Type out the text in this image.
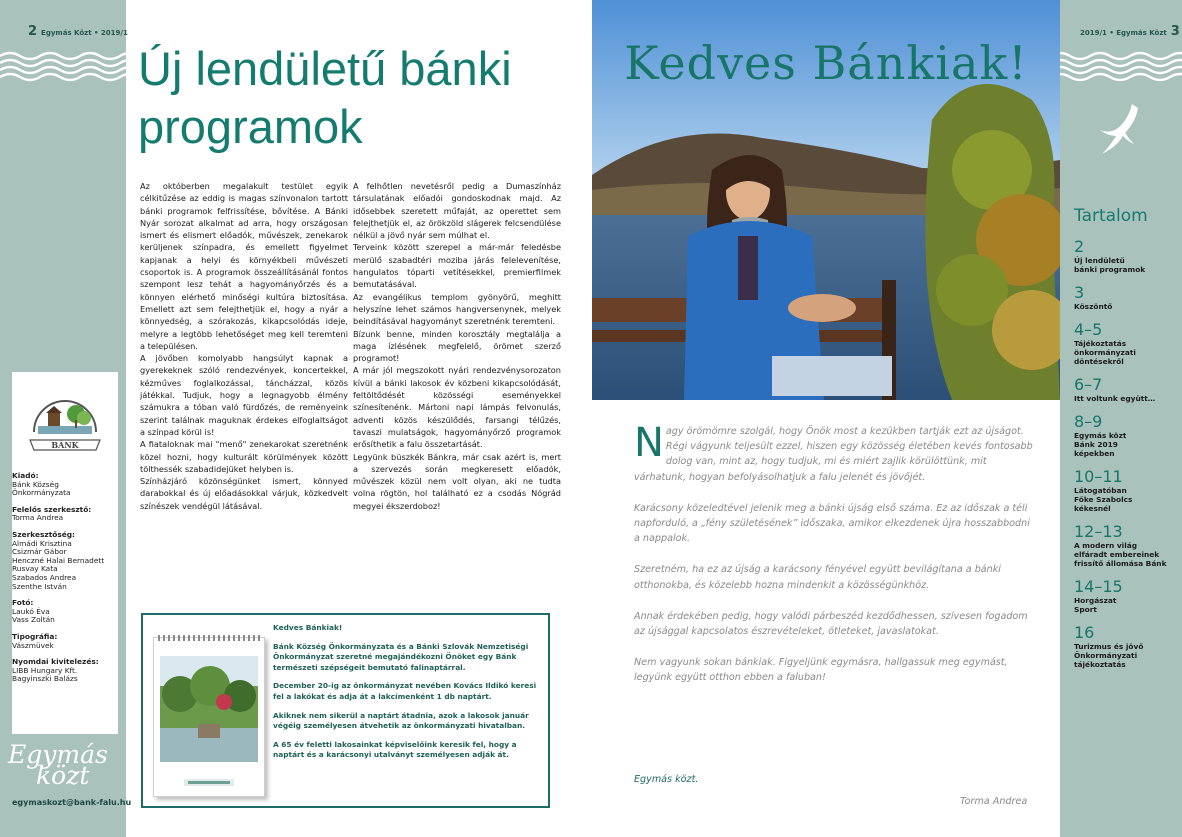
2 Egymás Közt • 2019/1
BÁNK
Kiadó:
Bánk Község
Önkormányzata
Felelős szerkesztő:
Torma Andrea
Szerkesztőség:
Almádi Krisztina
Csizmár Gábor
Henczné Halai Bernadett
Rusvay Kata
Szabados Andrea
Szenthe István
Fotó:
Laukó Éva
Vass Zoltán
Tipográfia:
Vászmüvek
Nyomdai kivitelezés:
LIBB Hungary Kft.
Bagyinszki Balázs
Egymás
közt
egymaskozt@bank-falu.hu
Új lendületű bánki
programok

Az októberben megalakult testület egyik célkitűzése az eddig is magas színvonalon tartott bánki programok felfrissítése, bővítése. A Bánki Nyár sorozat alkalmat ad arra, hogy országosan ismert és elismert előadók, művészek, zenekarok kerüljenek színpadra, és emellett figyelmet kapjanak a helyi és környékbeli művészeti csoportok is. A programok összeállításánál fontos szempont lesz tehát a hagyományőrzés és a könnyen elérhető minőségi kultúra biztosítása. Emellett azt sem felejthetjük el, hogy a nyár a könnyedség, a szórakozás, kikapcsolódás ideje, melyre a legtöbb lehetőséget meg kell teremteni a településen.

A jövőben komolyabb hangsúlyt kapnak a gyerekeknek szóló rendezvények, koncertekkel, kézműves foglalkozással, táncházzal, közös játékkal. Tudjuk, hogy a legnagyobb élmény számukra a tóban való fürdőzés, de reményeink szerint találnak maguknak érdekes elfoglaltságot a színpad körül is!

A fiataloknak mai "menő" zenekarokat szeretnénk közel hozni, hogy kulturált körülmények között tölthessék szabadidejüket helyben is.

Színházjáró közönségünket ismert, könnyed darabokkal és új előadásokkal várjuk, közkedvelt színészek vendégül látásával.

A felhőtlen nevetésről pedig a Dumaszínház társulatának előadói gondoskodnak majd. Az idősebbek szeretett műfaját, az operettet sem felejthetjük el, az örökzöld slágerek felcsendülése nélkül a jövő nyár sem múlhat el.

Terveink között szerepel a már-már feledésbe merülő szabadtéri moziba járás felelevenítése, hangulatos tóparti vetítésekkel, premierfilmek bemutatásával.

Az evangélikus templom gyönyörű, meghitt helyszíne lehet számos hangversenynek, melyek beindításával hagyományt szeretnénk teremteni.

Bízunk benne, minden korosztály megtalálja a maga ízlésének megfelelő, örömet szerző programot!

A már jól megszokott nyári rendezvénysorozaton kívül a bánki lakosok év közbeni kikapcsolódását, feltöltődését közösségi eseményekkel színesítenénk. Mártoni napi lámpás felvonulás, adventi közös készülődés, farsangi télűzés, tavaszi mulatságok, hagyományőrző programok erősíthetik a falu összetartását.

Legyünk büszkék Bánkra, már csak azért is, mert a szervezés során megkeresett előadók, művészek közül nem volt olyan, aki ne tudta volna rögtön, hol található ez a csodás Nógrád megyei ékszerdoboz!

Kedves Bánkiak!

Bánk Község Önkormányzata és a Bánki Szlovák Nemzetiségi Önkormányzat szeretné megajándékozni Önöket egy Bánk természeti szépségeit bemutató falinaptárral.

December 20-ig az önkormányzat nevében Kovács Ildikó keresi fel a lakókat és adja át a lakcímenként 1 db naptárt.

Akiknek nem sikerül a naptárt átadnia, azok a lakosok január végéig személyesen átvehetik az önkormányzati hivatalban.

A 65 év feletti lakosainkat képviselőink keresik fel, hogy a naptárt és a karácsonyi utalványt személyesen adják át.

Kedves Bánkiak!

Nagy örömömre szolgál, hogy Önök most a kezükben tartják ezt az újságot. Régi vágyunk teljesült ezzel, hiszen egy közösség életében kevés fontosabb dolog van, mint az, hogy tudjuk, mi és miért zajlik körülöttünk, mit várhatunk, hogyan befolyásolhatjuk a falu jelenét és jövőjét.

Karácsony közeledtével jelenik meg a bánki újság első száma. Ez az időszak a téli napforduló, a „fény születésének” időszaka, amikor elkezdenek újra hosszabbodni a nappalok.

Szeretném, ha ez az újság a karácsony fényével együtt bevilágítana a bánki otthonokba, és közelebb hozna mindenkit a közösségünkhöz.

Annak érdekében pedig, hogy valódi párbeszéd kezdődhessen, szívesen fogadom az újsággal kapcsolatos észrevételeket, ötleteket, javaslatokat.

Nem vagyunk sokan bánkiak. Figyeljünk egymásra, hallgassuk meg egymást, legyünk együtt otthon ebben a faluban!

Egymás közt.
Torma Andrea
2019/1 • Egymás Közt 3
Tartalom
2
Új lendületű
bánki programok
3
Köszöntő
4–5
Tájékoztatás
önkormányzati
döntésekről
6–7
Itt voltunk együtt…
8–9
Egymás közt
Bánk 2019
képekben
10–11
Látogatóban
Főke Szabolcs
kékesnél
12–13
A modern világ
elfáradt embereinek
frissítő állomása Bánk
14–15
Horgászat
Sport
16
Turizmus és jövő
Önkormányzati
tájékoztatás
